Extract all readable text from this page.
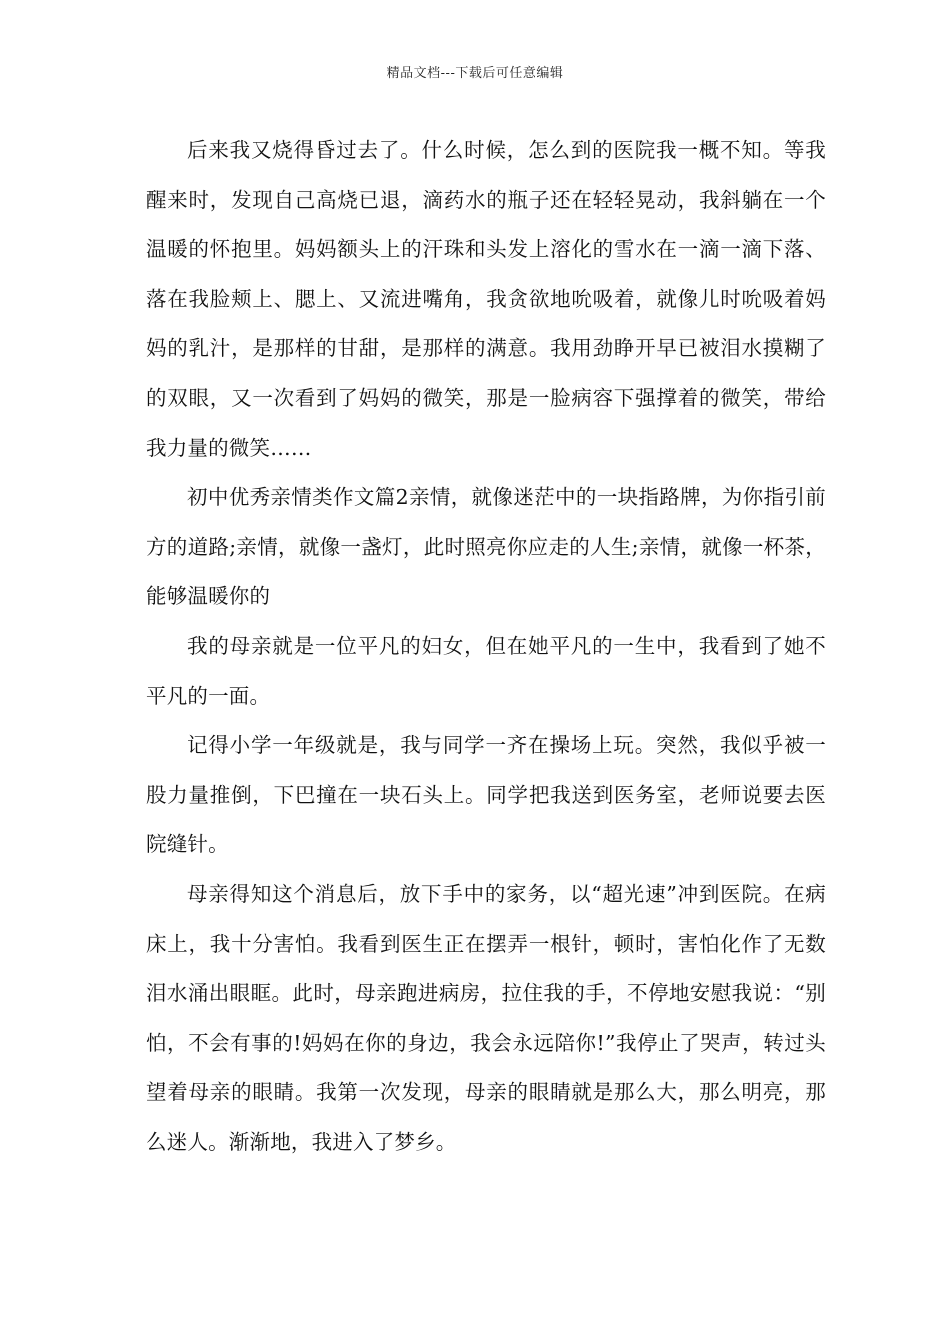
精品文档---下载后可任意编辑

后来我又烧得昏过去了。什么时候，怎么到的医院我一概不知。等我醒来时，发现自己高烧已退，滴药水的瓶子还在轻轻晃动，我斜躺在一个温暖的怀抱里。妈妈额头上的汗珠和头发上溶化的雪水在一滴一滴下落、落在我脸颊上、腮上、又流进嘴角，我贪欲地吮吸着，就像儿时吮吸着妈妈的乳汁，是那样的甘甜，是那样的满意。我用劲睁开早已被泪水摸糊了的双眼，又一次看到了妈妈的微笑，那是一脸病容下强撑着的微笑，带给我力量的微笑……

初中优秀亲情类作文篇2亲情，就像迷茫中的一块指路牌，为你指引前方的道路;亲情，就像一盏灯，此时照亮你应走的人生;亲情，就像一杯茶，能够温暖你的

我的母亲就是一位平凡的妇女，但在她平凡的一生中，我看到了她不平凡的一面。

记得小学一年级就是，我与同学一齐在操场上玩。突然，我似乎被一股力量推倒，下巴撞在一块石头上。同学把我送到医务室，老师说要去医院缝针。

母亲得知这个消息后，放下手中的家务，以“超光速”冲到医院。在病床上，我十分害怕。我看到医生正在摆弄一根针，顿时，害怕化作了无数泪水涌出眼眶。此时，母亲跑进病房，拉住我的手，不停地安慰我说：“别怕，不会有事的!妈妈在你的身边，我会永远陪你!”我停止了哭声，转过头望着母亲的眼睛。我第一次发现，母亲的眼睛就是那么大，那么明亮，那么迷人。渐渐地，我进入了梦乡。
